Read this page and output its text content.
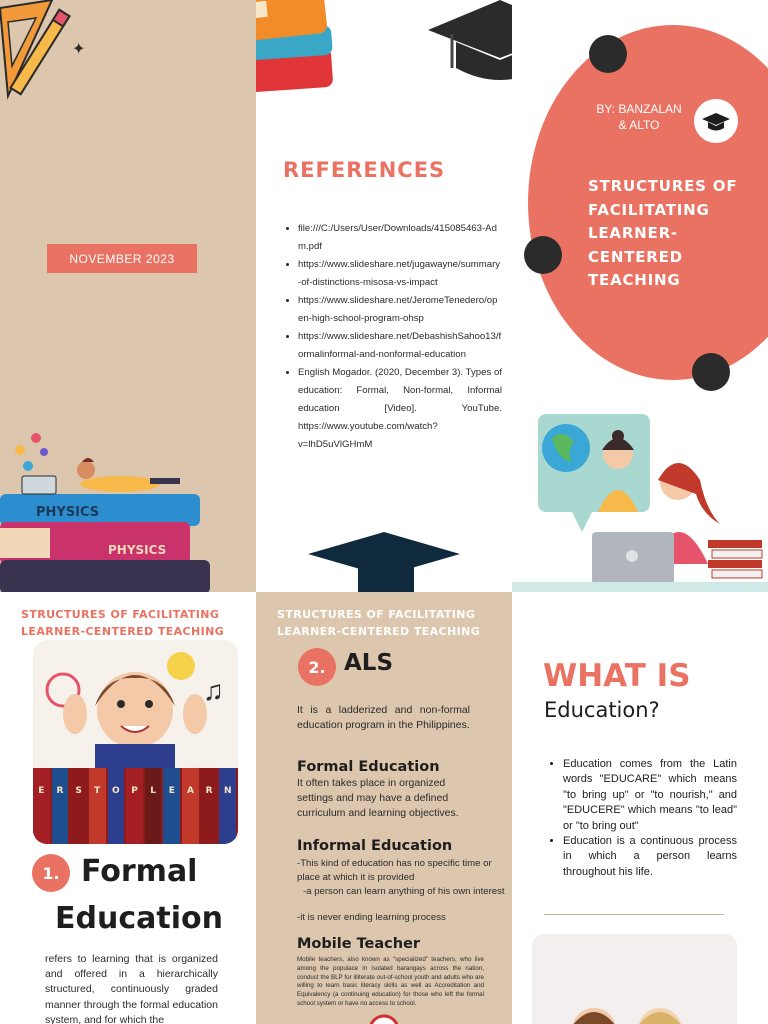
✦
NOVEMBER 2023
PHYSICS
PHYSICS
REFERENCES
• file:///C:/Users/User/Downloads/415085463-Adm.pdf
• https://www.slideshare.net/jugawayne/summary-of-distinctions-misosa-vs-impact
• https://www.slideshare.net/JeromeTenedero/open-high-school-program-ohsp
• https://www.slideshare.net/DebashishSahoo13/formalinformal-and-nonformal-education
• English Mogador. (2020, December 3). Types of education: Formal, Non-formal, Informal education [Video]. YouTube. https://www.youtube.com/watch?v=lhD5uVlGHmM
BY: BANZALAN & ALTO
STRUCTURES OF FACILITATING LEARNER-CENTERED TEACHING
STRUCTURES OF FACILITATING LEARNER-CENTERED TEACHING
♫
E	R	S	T	O	P	L	E	A	R	N
1. Formal
Education
refers to learning that is organized and offered in a hierarchically structured, continuously graded manner through the formal education system, and for which the
STRUCTURES OF FACILITATING LEARNER-CENTERED TEACHING
2. ALS
It is a ladderized and non-formal education program in the Philippines.
Formal Education
It often takes place in organized settings and may have a defined curriculum and learning objectives.
Informal Education
-This kind of education has no specific time or place at which it is provided
-a person can learn anything of his own interest
-it is never ending learning process
Mobile Teacher
Mobile teachers, also known as "specialized" teachers, who live among the populace in isolated barangays across the nation, conduct the BLP for illiterate out-of-school youth and adults who are willing to learn basic literacy skills as well as Accreditation and Equivalency (a continuing education) for those who left the formal school system or have no access to school.
WHAT IS
Education?
• Education comes from the Latin words "EDUCARE" which means "to bring up" or "to nourish," and "EDUCERE" which means "to lead" or "to bring out"
• Education is a continuous process in which a person learns throughout his life.
